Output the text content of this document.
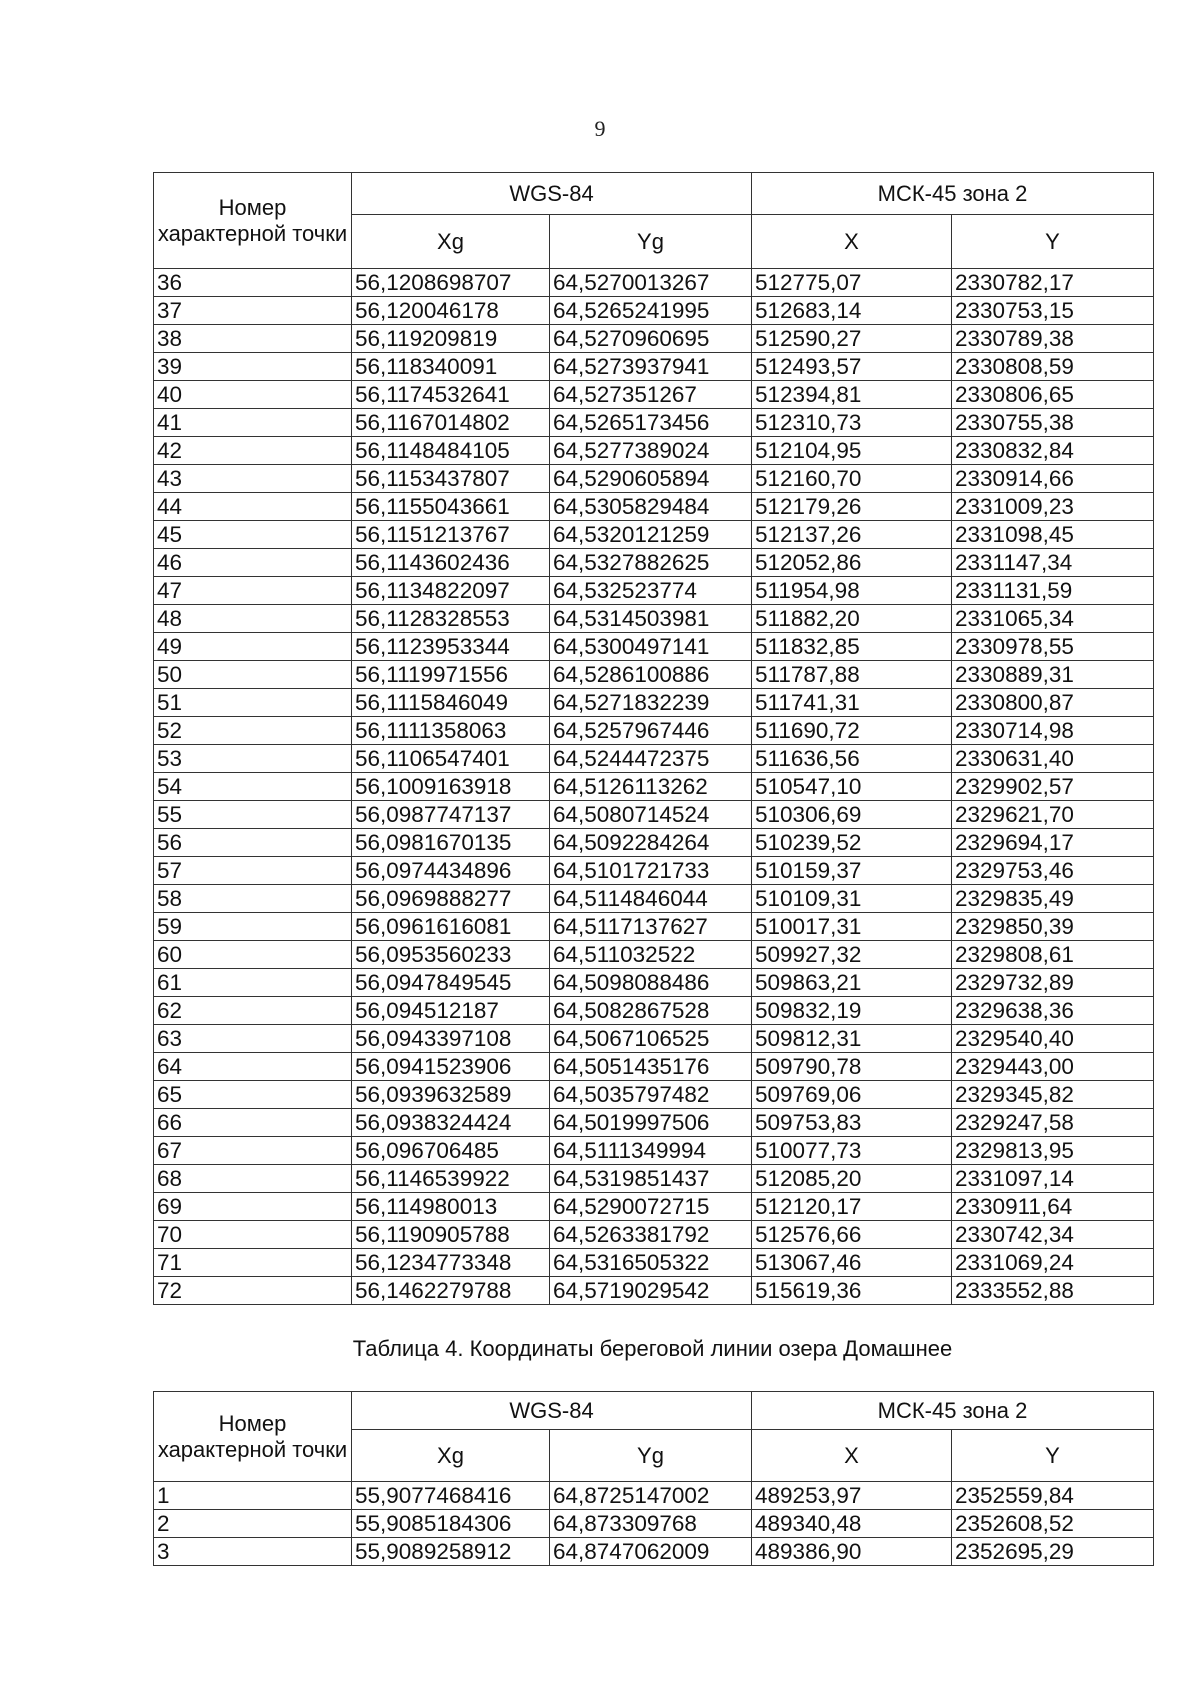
9
Номер характерной точки	WGS-84		МСК-45 зона 2	
	Xg	Yg	X	Y
36	56,1208698707	64,5270013267	512775,07	2330782,17
37	56,120046178	64,5265241995	512683,14	2330753,15
38	56,119209819	64,5270960695	512590,27	2330789,38
39	56,118340091	64,5273937941	512493,57	2330808,59
40	56,1174532641	64,527351267	512394,81	2330806,65
41	56,1167014802	64,5265173456	512310,73	2330755,38
42	56,1148484105	64,5277389024	512104,95	2330832,84
43	56,1153437807	64,5290605894	512160,70	2330914,66
44	56,1155043661	64,5305829484	512179,26	2331009,23
45	56,1151213767	64,5320121259	512137,26	2331098,45
46	56,1143602436	64,5327882625	512052,86	2331147,34
47	56,1134822097	64,532523774	511954,98	2331131,59
48	56,1128328553	64,5314503981	511882,20	2331065,34
49	56,1123953344	64,5300497141	511832,85	2330978,55
50	56,1119971556	64,5286100886	511787,88	2330889,31
51	56,1115846049	64,5271832239	511741,31	2330800,87
52	56,1111358063	64,5257967446	511690,72	2330714,98
53	56,1106547401	64,5244472375	511636,56	2330631,40
54	56,1009163918	64,5126113262	510547,10	2329902,57
55	56,0987747137	64,5080714524	510306,69	2329621,70
56	56,0981670135	64,5092284264	510239,52	2329694,17
57	56,0974434896	64,5101721733	510159,37	2329753,46
58	56,0969888277	64,5114846044	510109,31	2329835,49
59	56,0961616081	64,5117137627	510017,31	2329850,39
60	56,0953560233	64,511032522	509927,32	2329808,61
61	56,0947849545	64,5098088486	509863,21	2329732,89
62	56,094512187	64,5082867528	509832,19	2329638,36
63	56,0943397108	64,5067106525	509812,31	2329540,40
64	56,0941523906	64,5051435176	509790,78	2329443,00
65	56,0939632589	64,5035797482	509769,06	2329345,82
66	56,0938324424	64,5019997506	509753,83	2329247,58
67	56,096706485	64,5111349994	510077,73	2329813,95
68	56,1146539922	64,5319851437	512085,20	2331097,14
69	56,114980013	64,5290072715	512120,17	2330911,64
70	56,1190905788	64,5263381792	512576,66	2330742,34
71	56,1234773348	64,5316505322	513067,46	2331069,24
72	56,1462279788	64,5719029542	515619,36	2333552,88
Таблица 4. Координаты береговой линии озера Домашнее
Номер характерной точки	WGS-84		МСК-45 зона 2	
	Xg	Yg	X	Y
1	55,9077468416	64,8725147002	489253,97	2352559,84
2	55,9085184306	64,873309768	489340,48	2352608,52
3	55,9089258912	64,8747062009	489386,90	2352695,29
